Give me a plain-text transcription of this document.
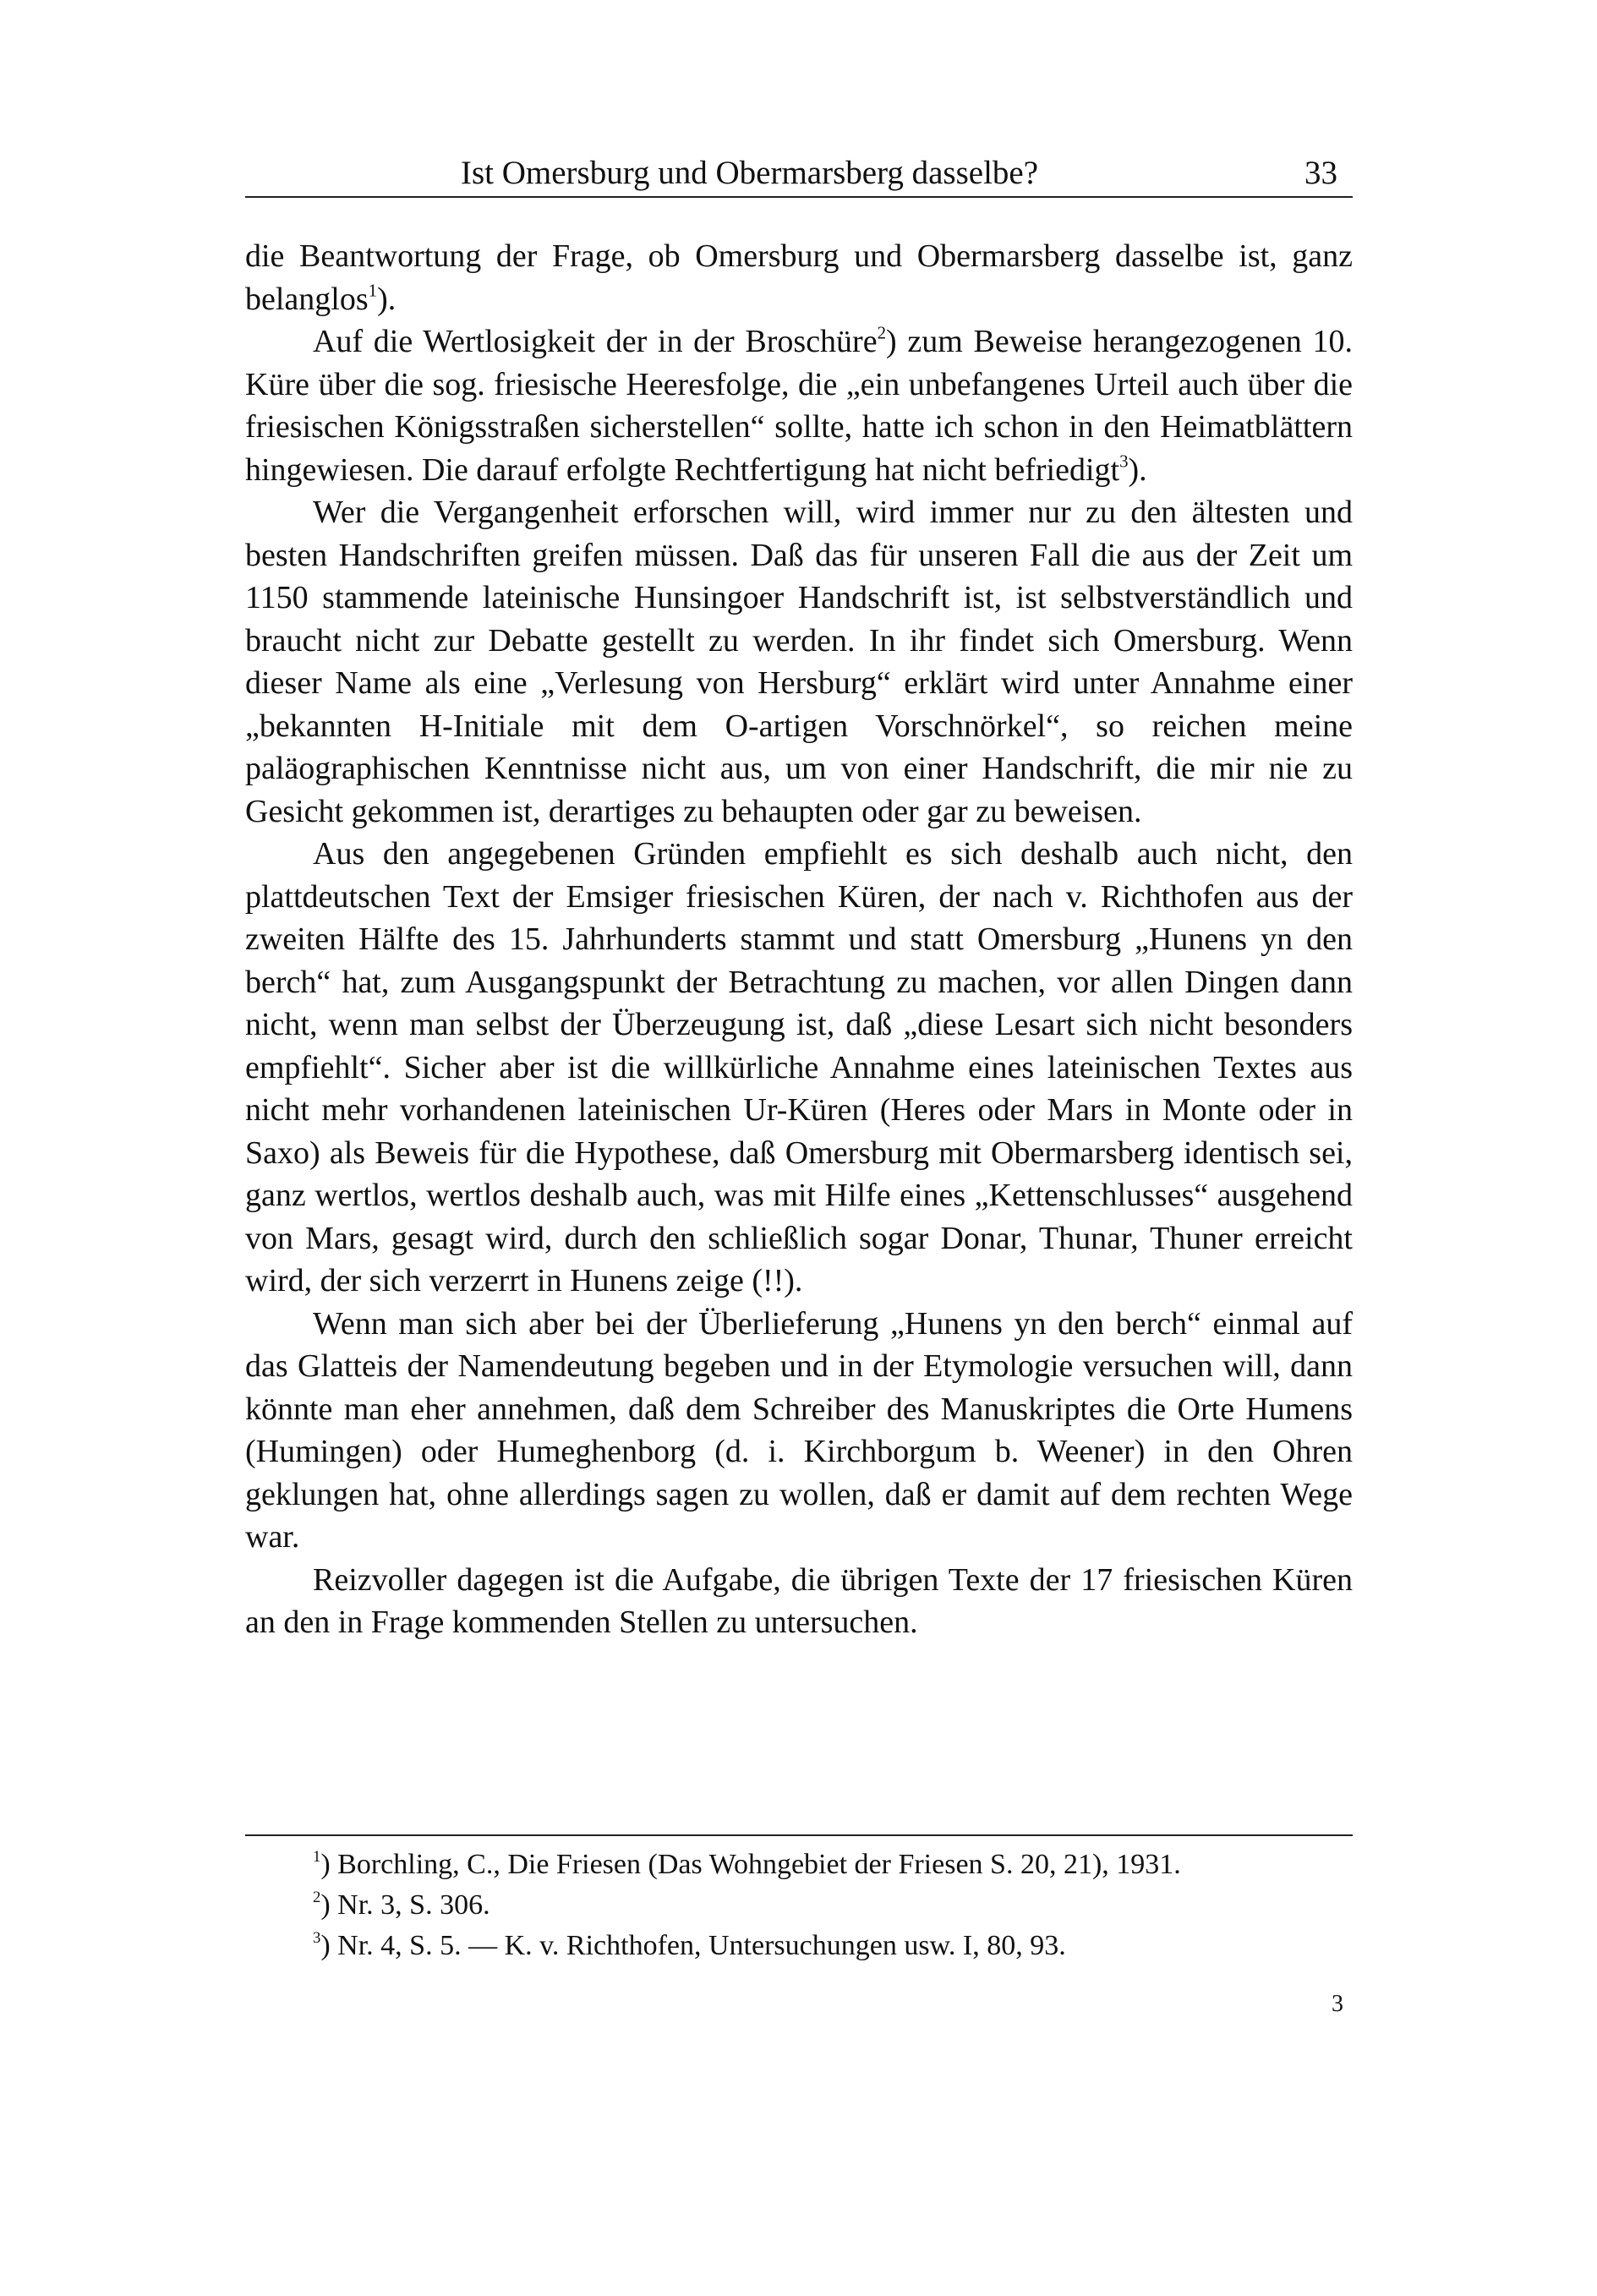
Ist Omersburg und Obermarsberg dasselbe?	33

die Beantwortung der Frage, ob Omersburg und Obermarsberg dasselbe ist, ganz belanglos$^1$).

Auf die Wertlosigkeit der in der Broschüre$^2$) zum Beweise herangezogenen 10. Küre über die sog. friesische Heeresfolge, die „ein unbefangenes Urteil auch über die friesischen Königsstraßen sicherstellen“ sollte, hatte ich schon in den Heimatblättern hingewiesen. Die darauf erfolgte Rechtfertigung hat nicht befriedigt$^3$).

Wer die Vergangenheit erforschen will, wird immer nur zu den ältesten und besten Handschriften greifen müssen. Daß das für unseren Fall die aus der Zeit um 1150 stammende lateinische Hunsingoer Handschrift ist, ist selbstverständlich und braucht nicht zur Debatte gestellt zu werden. In ihr findet sich Omersburg. Wenn dieser Name als eine „Verlesung von Hersburg“ erklärt wird unter Annahme einer „bekannten H-Initiale mit dem O-artigen Vorschnörkel“, so reichen meine paläographischen Kenntnisse nicht aus, um von einer Handschrift, die mir nie zu Gesicht gekommen ist, derartiges zu behaupten oder gar zu beweisen.

Aus den angegebenen Gründen empfiehlt es sich deshalb auch nicht, den plattdeutschen Text der Emsiger friesischen Küren, der nach v. Richthofen aus der zweiten Hälfte des 15. Jahrhunderts stammt und statt Omersburg „Hunens yn den berch“ hat, zum Ausgangspunkt der Betrachtung zu machen, vor allen Dingen dann nicht, wenn man selbst der Überzeugung ist, daß „diese Lesart sich nicht besonders empfiehlt“. Sicher aber ist die willkürliche Annahme eines lateinischen Textes aus nicht mehr vorhandenen lateinischen Ur-Küren (Heres oder Mars in Monte oder in Saxo) als Beweis für die Hypothese, daß Omersburg mit Obermarsberg identisch sei, ganz wertlos, wertlos deshalb auch, was mit Hilfe eines „Kettenschlusses“ ausgehend von Mars, gesagt wird, durch den schließlich sogar Donar, Thunar, Thuner erreicht wird, der sich verzerrt in Hunens zeige (!!).

Wenn man sich aber bei der Überlieferung „Hunens yn den berch“ einmal auf das Glatteis der Namendeutung begeben und in der Etymologie versuchen will, dann könnte man eher annehmen, daß dem Schreiber des Manuskriptes die Orte Humens (Humingen) oder Humeghenborg (d. i. Kirchborgum b. Weener) in den Ohren geklungen hat, ohne allerdings sagen zu wollen, daß er damit auf dem rechten Wege war.

Reizvoller dagegen ist die Aufgabe, die übrigen Texte der 17 friesischen Küren an den in Frage kommenden Stellen zu untersuchen.

$^1$) Borchling, C., Die Friesen (Das Wohngebiet der Friesen S. 20, 21), 1931.

$^2$) Nr. 3, S. 306.

$^3$) Nr. 4, S. 5. — K. v. Richthofen, Untersuchungen usw. I, 80, 93.

3
